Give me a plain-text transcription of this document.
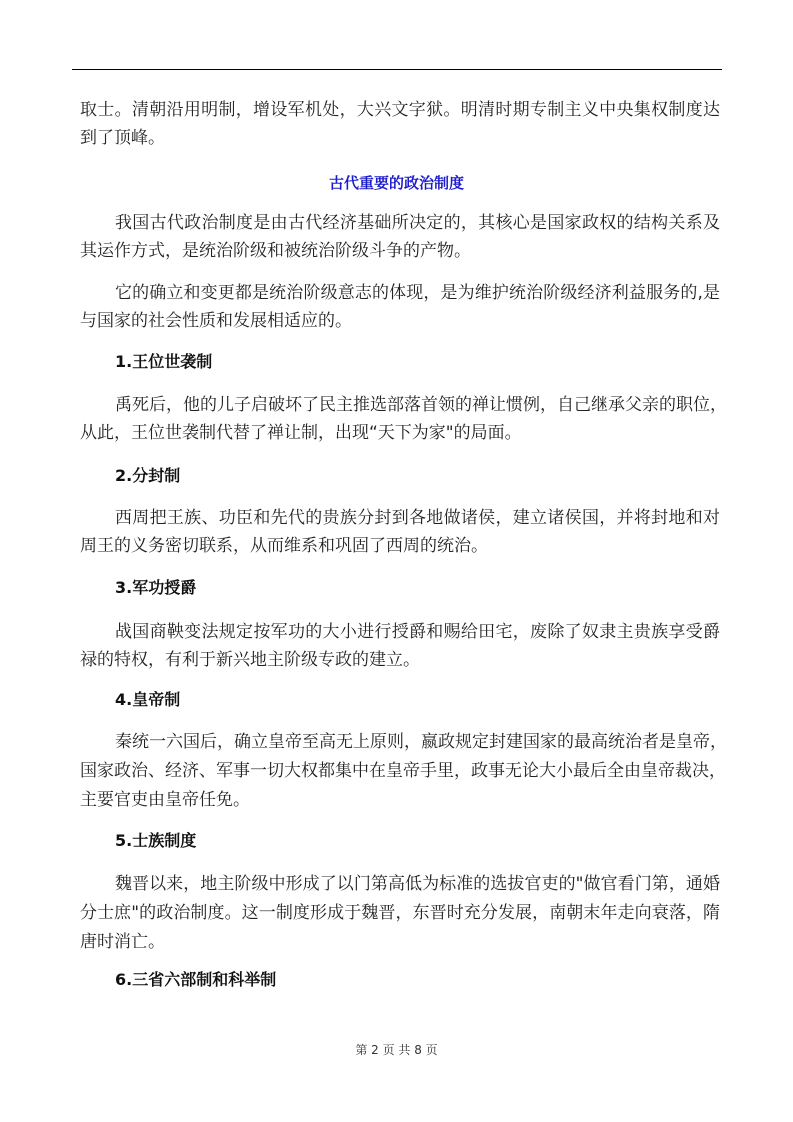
取士。清朝沿用明制，增设军机处，大兴文字狱。明清时期专制主义中央集权制度达
到了顶峰。
古代重要的政治制度
我国古代政治制度是由古代经济基础所决定的，其核心是国家政权的结构关系及
其运作方式，是统治阶级和被统治阶级斗争的产物。
它的确立和变更都是统治阶级意志的体现，是为维护统治阶级经济利益服务的,是
与国家的社会性质和发展相适应的。
1.王位世袭制
禹死后，他的儿子启破坏了民主推选部落首领的禅让惯例，自己继承父亲的职位，
从此，王位世袭制代替了禅让制，出现“天下为家"的局面。
2.分封制
西周把王族、功臣和先代的贵族分封到各地做诸侯，建立诸侯国，并将封地和对
周王的义务密切联系，从而维系和巩固了西周的统治。
3.军功授爵
战国商鞅变法规定按军功的大小进行授爵和赐给田宅，废除了奴隶主贵族享受爵
禄的特权，有利于新兴地主阶级专政的建立。
4.皇帝制
秦统一六国后，确立皇帝至高无上原则，嬴政规定封建国家的最高统治者是皇帝，
国家政治、经济、军事一切大权都集中在皇帝手里，政事无论大小最后全由皇帝裁决，
主要官吏由皇帝任免。
5.士族制度
魏晋以来，地主阶级中形成了以门第高低为标准的选拔官吏的"做官看门第，通婚
分士庶"的政治制度。这一制度形成于魏晋，东晋时充分发展，南朝末年走向衰落，隋
唐时消亡。
6.三省六部制和科举制
第 2 页 共 8 页
